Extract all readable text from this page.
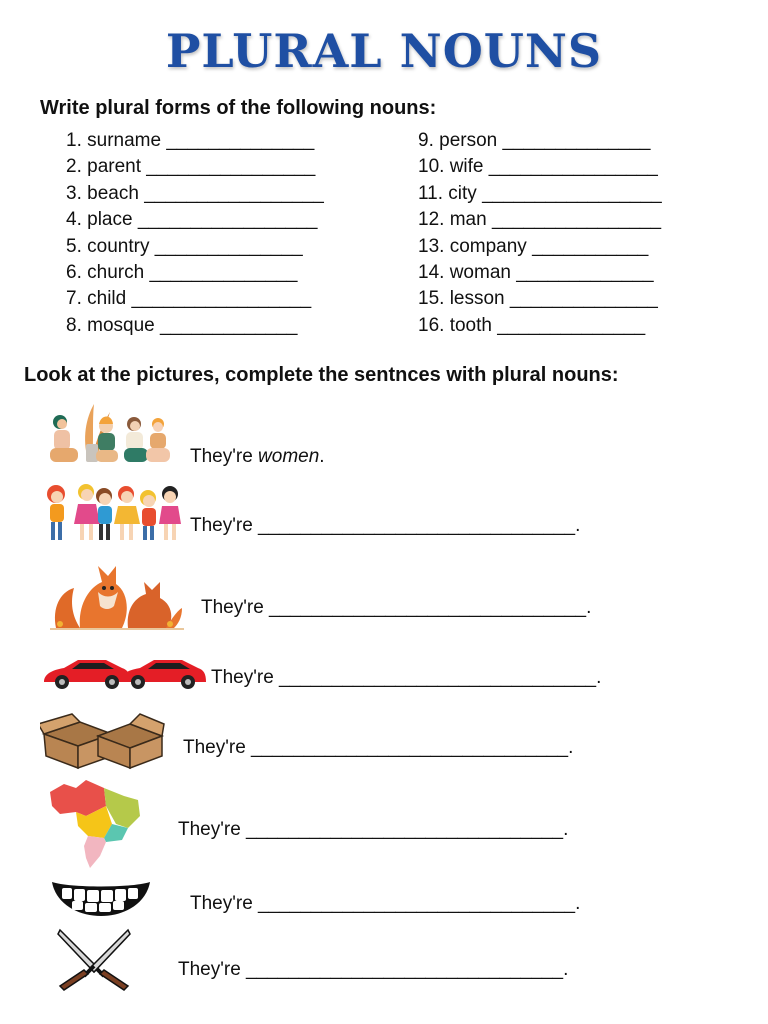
PLURAL NOUNS
Write plural forms of the following nouns:
1. surname ______________
2. parent ________________
3. beach _________________
4. place _________________
5. country ______________
6. church ______________
7. child _________________
8. mosque _____________
9. person ______________
10. wife ________________
11. city _________________
12. man ________________
13. company ___________
14. woman _____________
15. lesson ______________
16. tooth ______________
Look at the pictures, complete the sentnces with plural nouns:
They're women.
They're ______________________________.
They're ______________________________.
They're ______________________________.
They're ______________________________.
They're ______________________________.
They're ______________________________.
They're ______________________________.
